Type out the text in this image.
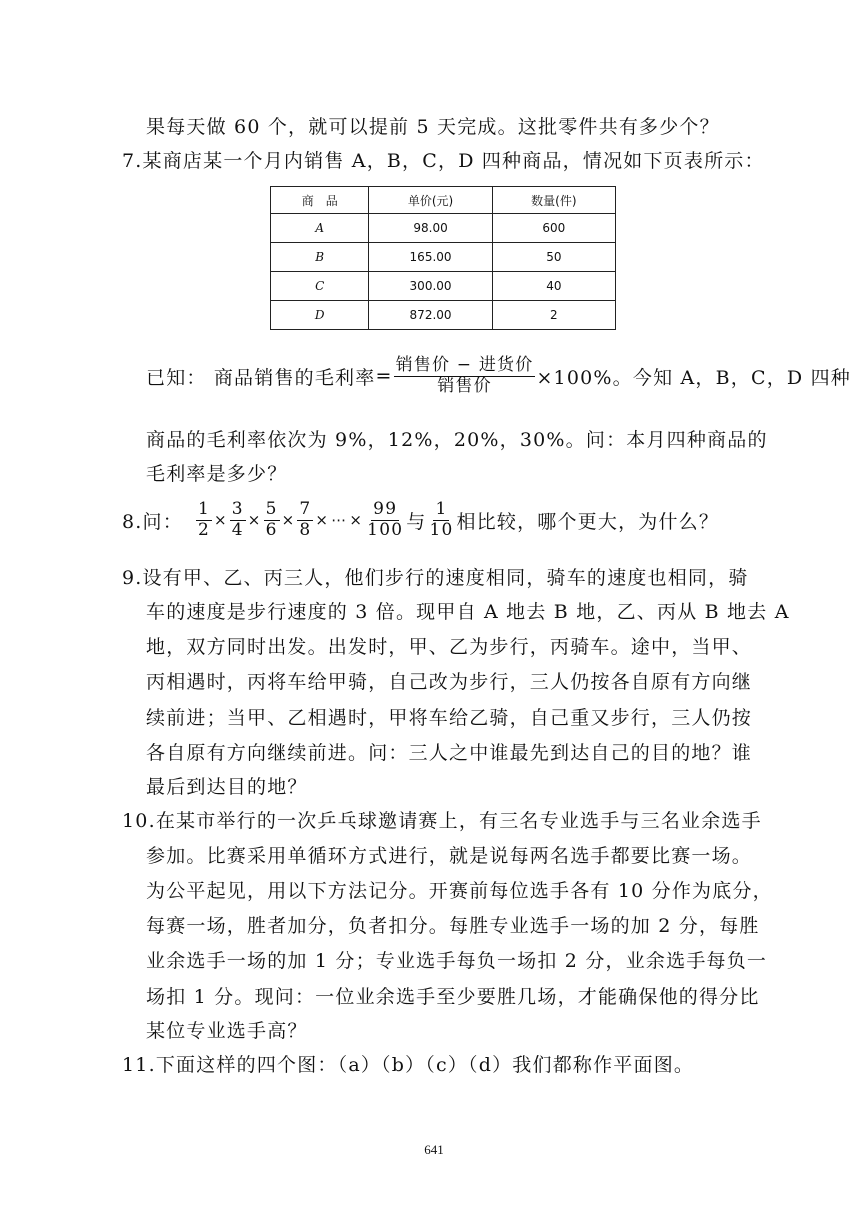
果每天做 60 个，就可以提前 5 天完成。这批零件共有多少个？
7.某商店某一个月内销售 A，B，C，D 四种商品，情况如下页表所示：
商　品	单价(元)	数量(件)
A	98.00	600
B	165.00	50
C	300.00	40
D	872.00	2
已知： 商品销售的毛利率 = $\frac{\text{销售价 − 进货价}}{\text{销售价}} \times 100\%$。今知 A，B，C，D 四种
商品的毛利率依次为 9%，12%，20%，30%。问：本月四种商品的
毛利率是多少？
8.问： $\frac{1}{2} \times \frac{3}{4} \times \frac{5}{6} \times \frac{7}{8}$ × ⋯ × $\frac{99}{100}$ 与 $\frac{1}{10}$ 相比较，哪个更大，为什么？
9.设有甲、乙、丙三人，他们步行的速度相同，骑车的速度也相同，骑
车的速度是步行速度的 3 倍。现甲自 A 地去 B 地，乙、丙从 B 地去 A
地，双方同时出发。出发时，甲、乙为步行，丙骑车。途中，当甲、
丙相遇时，丙将车给甲骑，自己改为步行，三人仍按各自原有方向继
续前进；当甲、乙相遇时，甲将车给乙骑，自己重又步行，三人仍按
各自原有方向继续前进。问：三人之中谁最先到达自己的目的地？谁
最后到达目的地？
10.在某市举行的一次乒乓球邀请赛上，有三名专业选手与三名业余选手
参加。比赛采用单循环方式进行，就是说每两名选手都要比赛一场。
为公平起见，用以下方法记分。开赛前每位选手各有 10 分作为底分，
每赛一场，胜者加分，负者扣分。每胜专业选手一场的加 2 分，每胜
业余选手一场的加 1 分；专业选手每负一场扣 2 分，业余选手每负一
场扣 1 分。现问：一位业余选手至少要胜几场，才能确保他的得分比
某位专业选手高？
11.下面这样的四个图：（a）（b）（c）（d）我们都称作平面图。
641
